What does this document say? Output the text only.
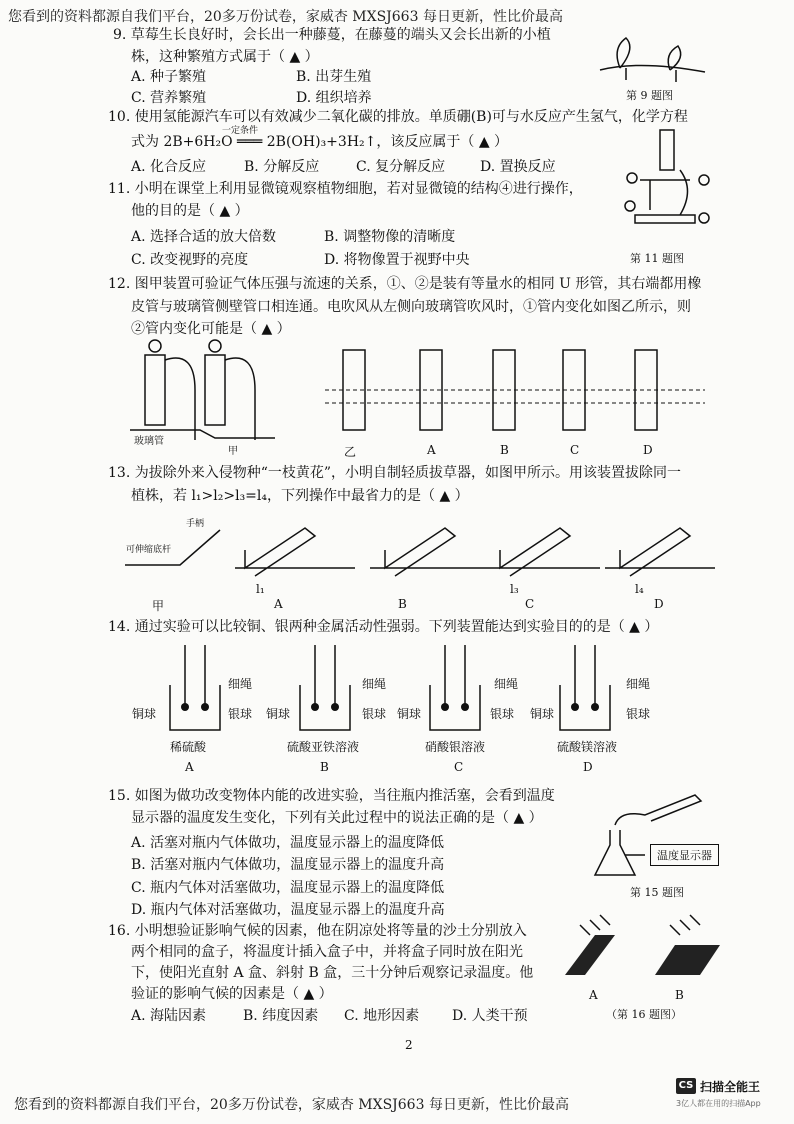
您看到的资料都源自我们平台，20多万份试卷，家威杏 MXSJ663 每日更新，性比价最高
9. 草莓生长良好时，会长出一种藤蔓，在藤蔓的端头又会长出新的小植
株，这种繁殖方式属于（ ▲ ）
A. 种子繁殖	B. 出芽生殖
C. 营养繁殖	D. 组织培养	第 9 题图
10. 使用氢能源汽车可以有效减少二氧化碳的排放。单质硼(B)可与水反应产生氢气，化学方程
一定条件
式为 2B+6H₂O ═══ 2B(OH)₃+3H₂↑，该反应属于（ ▲ ）
A. 化合反应	B. 分解反应	C. 复分解反应 D. 置换反应
11. 小明在课堂上利用显微镜观察植物细胞，若对显微镜的结构④进行操作，
他的目的是（ ▲ ）
A. 选择合适的放大倍数	B. 调整物像的清晰度
C. 改变视野的亮度	D. 将物像置于视野中央	第 11 题图
12. 图甲装置可验证气体压强与流速的关系，①、②是装有等量水的相同 U 形管，其右端都用橡
皮管与玻璃管侧壁管口相连通。电吹风从左侧向玻璃管吹风时，①管内变化如图乙所示，则
②管内变化可能是（ ▲ ）
玻璃管
甲	乙	A	B	C	D
13. 为拔除外来入侵物种“一枝黄花”，小明自制轻质拔草器，如图甲所示。用该装置拔除同一
植株，若 l₁>l₂>l₃=l₄，下列操作中最省力的是（ ▲ ）
手柄
可伸缩底杆
甲
l₁
A	B
l₃
C
l₄
D
14. 通过实验可以比较铜、银两种金属活动性强弱。下列装置能达到实验目的的是（ ▲ ）
细绳	细绳	细绳	细绳
铜球	银球 铜球	银球 铜球	银球 铜球	银球
稀硫酸	硫酸亚铁溶液	硝酸银溶液	硫酸镁溶液
A	B	C	D
15. 如图为做功改变物体内能的改进实验，当往瓶内推活塞，会看到温度
显示器的温度发生变化，下列有关此过程中的说法正确的是（ ▲ ）
A. 活塞对瓶内气体做功，温度显示器上的温度降低
B. 活塞对瓶内气体做功，温度显示器上的温度升高
C. 瓶内气体对活塞做功，温度显示器上的温度降低
D. 瓶内气体对活塞做功，温度显示器上的温度升高
温度显示器
第 15 题图
16. 小明想验证影响气候的因素，他在阴凉处将等量的沙土分别放入
两个相同的盒子，将温度计插入盒子中，并将盒子同时放在阳光
下，使阳光直射 A 盒、斜射 B 盒，三十分钟后观察记录温度。他
验证的影响气候的因素是（ ▲ ）
A. 海陆因素	B. 纬度因素 C. 地形因素 D. 人类干预
A	B
（第 16 题图）
2
您看到的资料都源自我们平台，20多万份试卷，家威杏 MXSJ663 每日更新，性比价最高
CS 扫描全能王
3亿人都在用的扫描App
